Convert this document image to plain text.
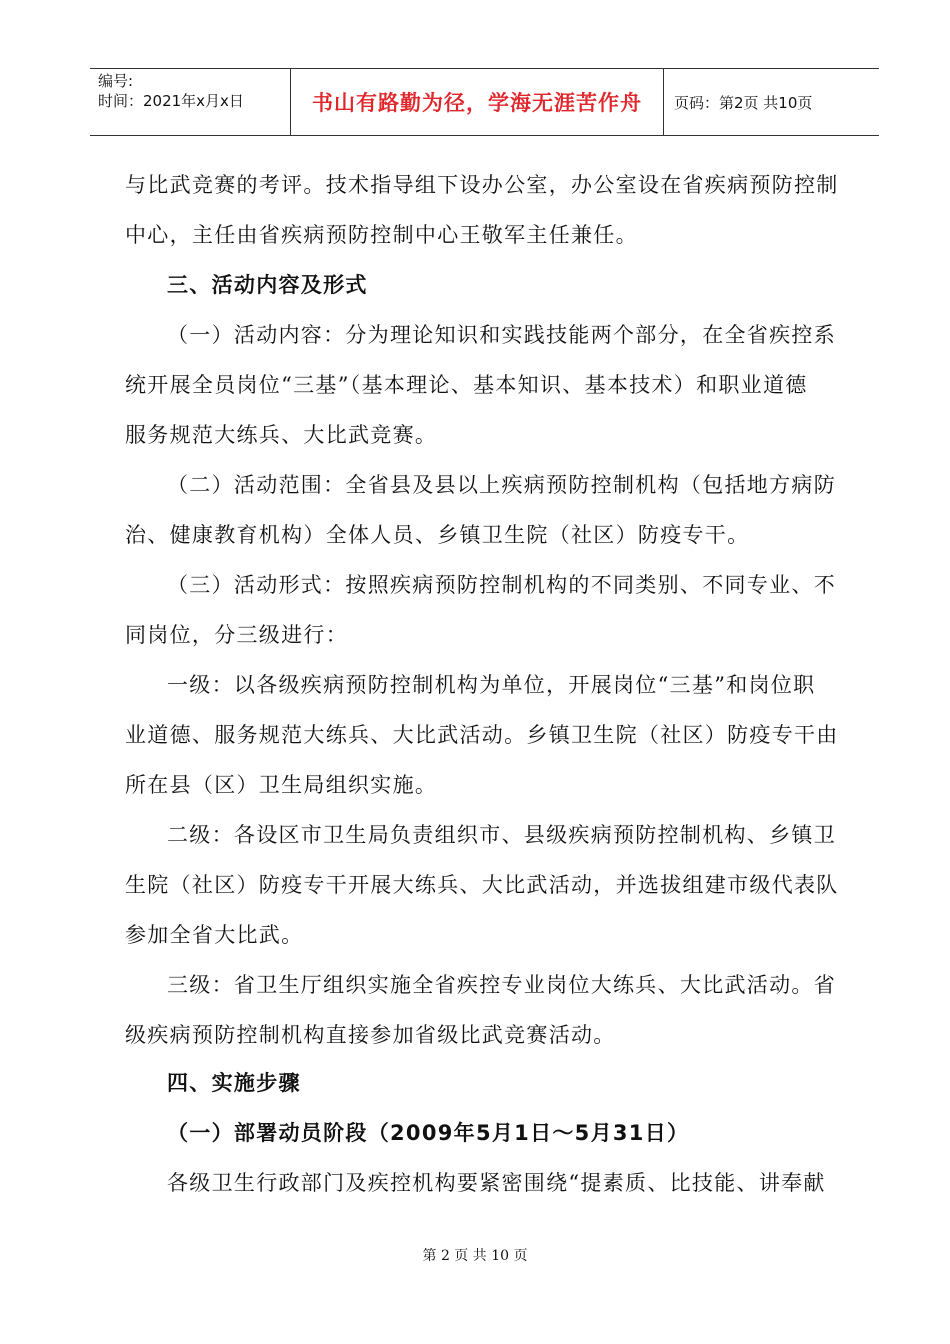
编号:
时间：2021年x月x日	书山有路勤为径，学海无涯苦作舟 页码：第2页 共10页
与比武竞赛的考评。技术指导组下设办公室，办公室设在省疾病预防控制
中心，主任由省疾病预防控制中心王敬军主任兼任。
三、活动内容及形式
（一）活动内容：分为理论知识和实践技能两个部分，在全省疾控系
统开展全员岗位“三基”（基本理论、基本知识、基本技术）和职业道德
服务规范大练兵、大比武竞赛。
（二）活动范围：全省县及县以上疾病预防控制机构（包括地方病防
治、健康教育机构）全体人员、乡镇卫生院（社区）防疫专干。
（三）活动形式：按照疾病预防控制机构的不同类别、不同专业、不
同岗位，分三级进行：
一级：以各级疾病预防控制机构为单位，开展岗位“三基”和岗位职
业道德、服务规范大练兵、大比武活动。乡镇卫生院（社区）防疫专干由
所在县（区）卫生局组织实施。
二级：各设区市卫生局负责组织市、县级疾病预防控制机构、乡镇卫
生院（社区）防疫专干开展大练兵、大比武活动，并选拔组建市级代表队
参加全省大比武。
三级：省卫生厅组织实施全省疾控专业岗位大练兵、大比武活动。省
级疾病预防控制机构直接参加省级比武竞赛活动。
四、实施步骤
（一）部署动员阶段（2009年5月1日～5月31日）
各级卫生行政部门及疾控机构要紧密围绕“提素质、比技能、讲奉献
第 2 页 共 10 页
